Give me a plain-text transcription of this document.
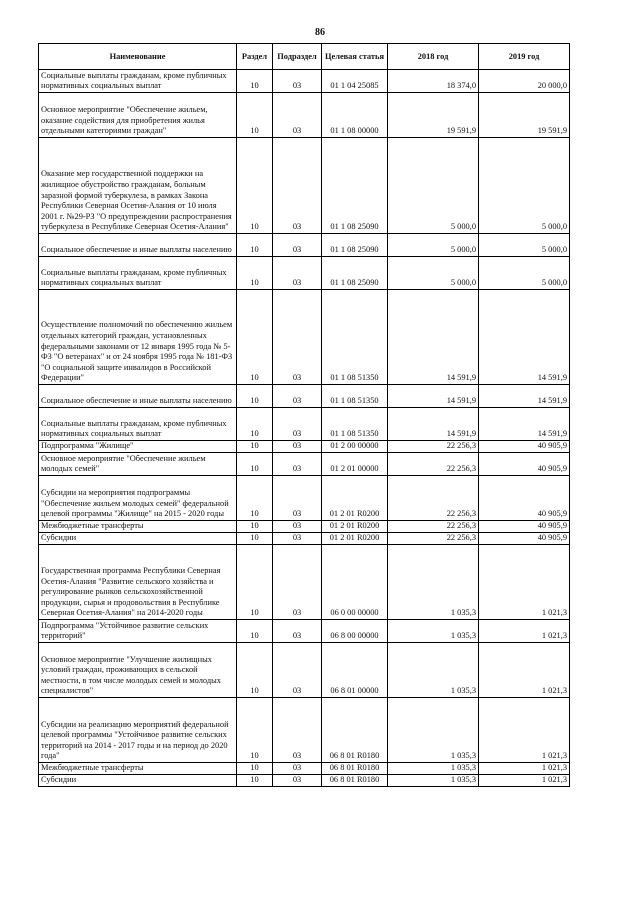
86
Наименование	Раздел	Подраздел	Целевая статья	2018 год	2019 год
Социальные выплаты гражданам, кроме публичных нормативных социальных выплат	10	03	01 1 04 25085	18 374,0	20 000,0
Основное мероприятие "Обеспечение жильем, оказание содействия для приобретения жилья отдельными категориями граждан"	10	03	01 1 08 00000	19 591,9	19 591,9
Оказание мер государственной поддержки на жилищное обустройство гражданам, больным заразной формой туберкулеза, в рамках Закона Республики Северная Осетия-Алания от 10 июля 2001 г. №29-РЗ "О предупреждении распространения туберкулеза в Республике Северная Осетия-Алания"	10	03	01 1 08 25090	5 000,0	5 000,0
Социальное обеспечение и иные выплаты населению	10	03	01 1 08 25090	5 000,0	5 000,0
Социальные выплаты гражданам, кроме публичных нормативных социальных выплат	10	03	01 1 08 25090	5 000,0	5 000,0
Осуществление полномочий по обеспечению жильем отдельных категорий граждан, установленных федеральными законами от 12 января 1995 года № 5-ФЗ "О ветеранах" и от 24 ноября 1995 года № 181-ФЗ "О социальной защите инвалидов в Российской Федерации"	10	03	01 1 08 51350	14 591,9	14 591,9
Социальное обеспечение и иные выплаты населению	10	03	01 1 08 51350	14 591,9	14 591,9
Социальные выплаты гражданам, кроме публичных нормативных социальных выплат	10	03	01 1 08 51350	14 591,9	14 591,9
Подпрограмма "Жилище"	10	03	01 2 00 00000	22 256,3	40 905,9
Основное мероприятие "Обеспечение жильем молодых семей"	10	03	01 2 01 00000	22 256,3	40 905,9
Субсидии на мероприятия подпрограммы "Обеспечение жильем молодых семей" федеральной целевой программы "Жилище" на 2015 - 2020 годы	10	03	01 2 01 R0200	22 256,3	40 905,9
Межбюджетные трансферты	10	03	01 2 01 R0200	22 256,3	40 905,9
Субсидии	10	03	01 2 01 R0200	22 256,3	40 905,9
Государственная программа Республики Северная Осетия-Алания "Развитие сельского хозяйства и регулирование рынков сельскохозяйственной продукции, сырья и продовольствия в Республике Северная Осетия-Алания" на 2014-2020 годы	10	03	06 0 00 00000	1 035,3	1 021,3
Подпрограмма "Устойчивое развитие сельских территорий"	10	03	06 8 00 00000	1 035,3	1 021,3
Основное мероприятие "Улучшение жилищных условий граждан, проживающих в сельской местности, в том числе молодых семей и молодых специалистов"	10	03	06 8 01 00000	1 035,3	1 021,3
Субсидии на реализацию мероприятий федеральной целевой программы "Устойчивое развитие сельских территорий на 2014 - 2017 годы и на период до 2020 года"	10	03	06 8 01 R0180	1 035,3	1 021,3
Межбюджетные трансферты	10	03	06 8 01 R0180	1 035,3	1 021,3
Субсидии	10	03	06 8 01 R0180	1 035,3	1 021,3
